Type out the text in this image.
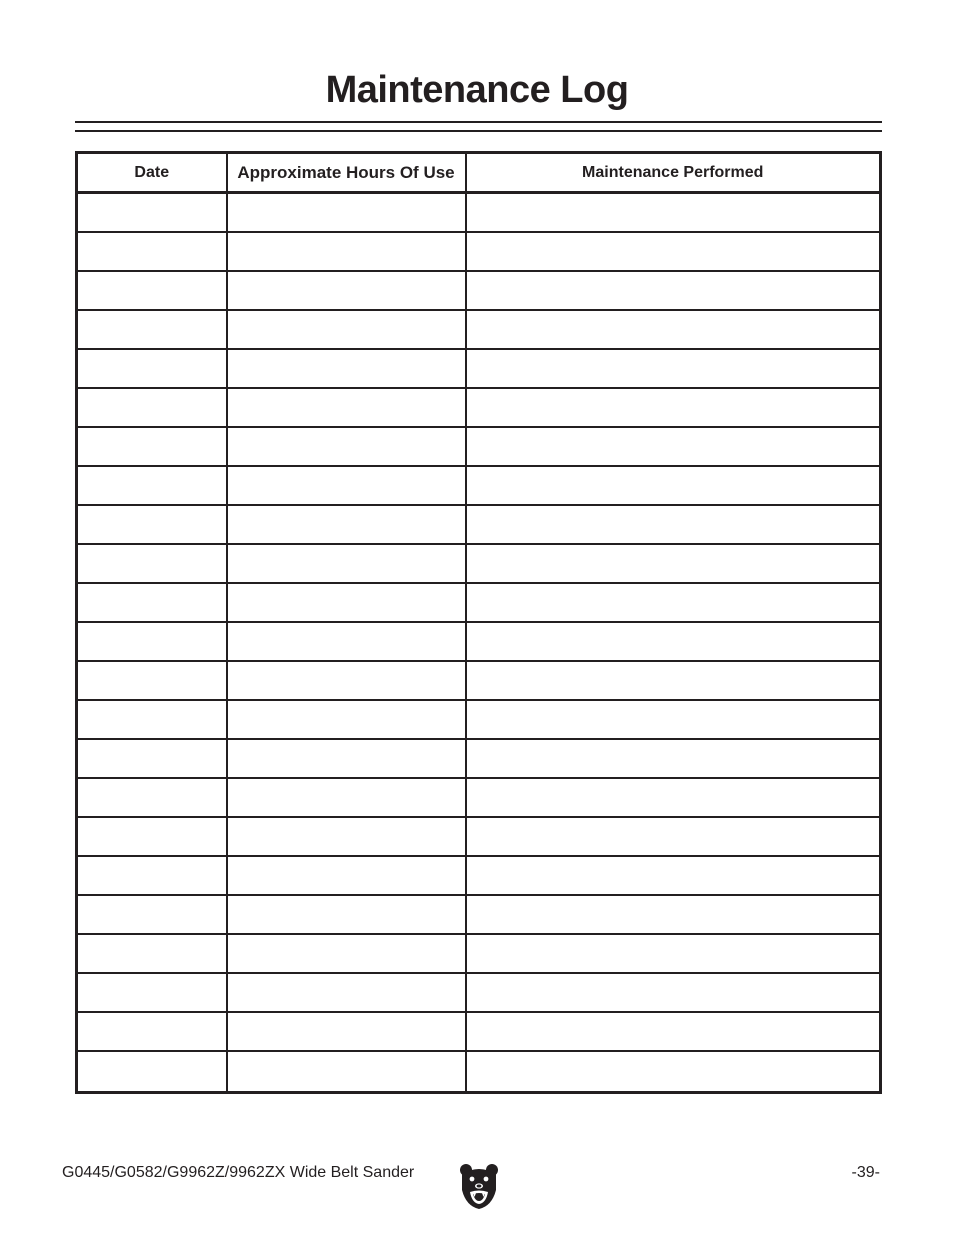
Maintenance Log
Date	Approximate Hours Of Use	Maintenance Performed

G0445/G0582/G9962Z/9962ZX Wide Belt Sander	-39-
